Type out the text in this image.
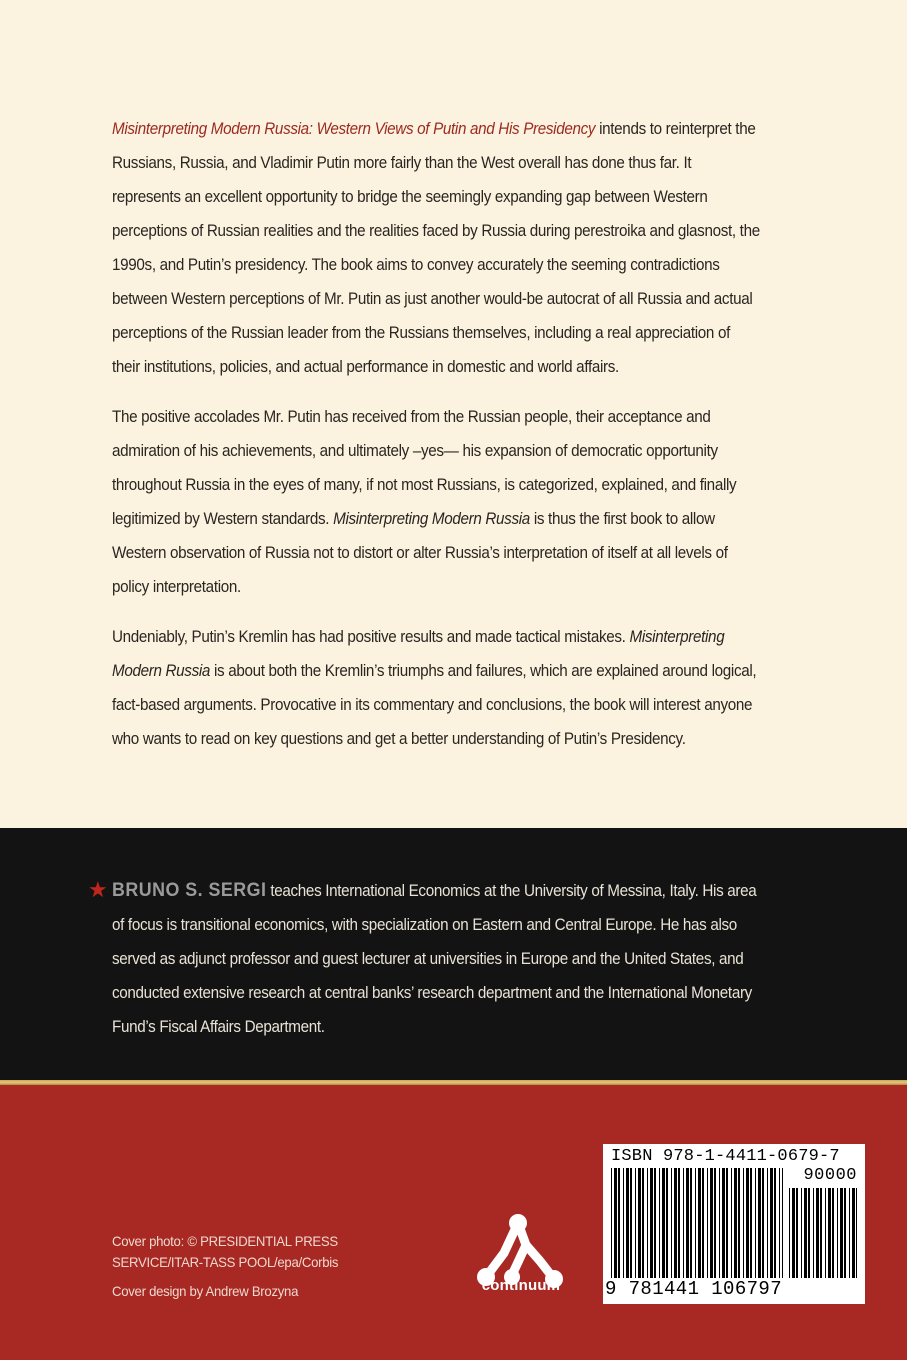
Misinterpreting Modern Russia: Western Views of Putin and His Presidency intends to reinterpret the Russians, Russia, and Vladimir Putin more fairly than the West overall has done thus far. It represents an excellent opportunity to bridge the seemingly expanding gap between Western perceptions of Russian realities and the realities faced by Russia during perestroika and glasnost, the 1990s, and Putin’s presidency. The book aims to convey accurately the seeming contradictions between Western perceptions of Mr. Putin as just another would-be autocrat of all Russia and actual perceptions of the Russian leader from the Russians themselves, including a real appreciation of their institutions, policies, and actual performance in domestic and world affairs.

The positive accolades Mr. Putin has received from the Russian people, their acceptance and admiration of his achievements, and ultimately –yes— his expansion of democratic opportunity throughout Russia in the eyes of many, if not most Russians, is categorized, explained, and finally legitimized by Western standards. Misinterpreting Modern Russia is thus the first book to allow Western observation of Russia not to distort or alter Russia’s interpretation of itself at all levels of policy interpretation.

Undeniably, Putin’s Kremlin has had positive results and made tactical mistakes. Misinterpreting Modern Russia is about both the Kremlin’s triumphs and failures, which are explained around logical, fact-based arguments. Provocative in its commentary and conclusions, the book will interest anyone who wants to read on key questions and get a better understanding of Putin’s Presidency.

★ BRUNO S. SERGI teaches International Economics at the University of Messina, Italy. His area of focus is transitional economics, with specialization on Eastern and Central Europe. He has also served as adjunct professor and guest lecturer at universities in Europe and the United States, and conducted extensive research at central banks’ research department and the International Monetary Fund’s Fiscal Affairs Department.
Cover photo: © PRESIDENTIAL PRESS
SERVICE/ITAR-TASS POOL/epa/Corbis
Cover design by Andrew Brozyna	continuum
ISBN 978-1-4411-0679-7
90000
9 781441 106797
